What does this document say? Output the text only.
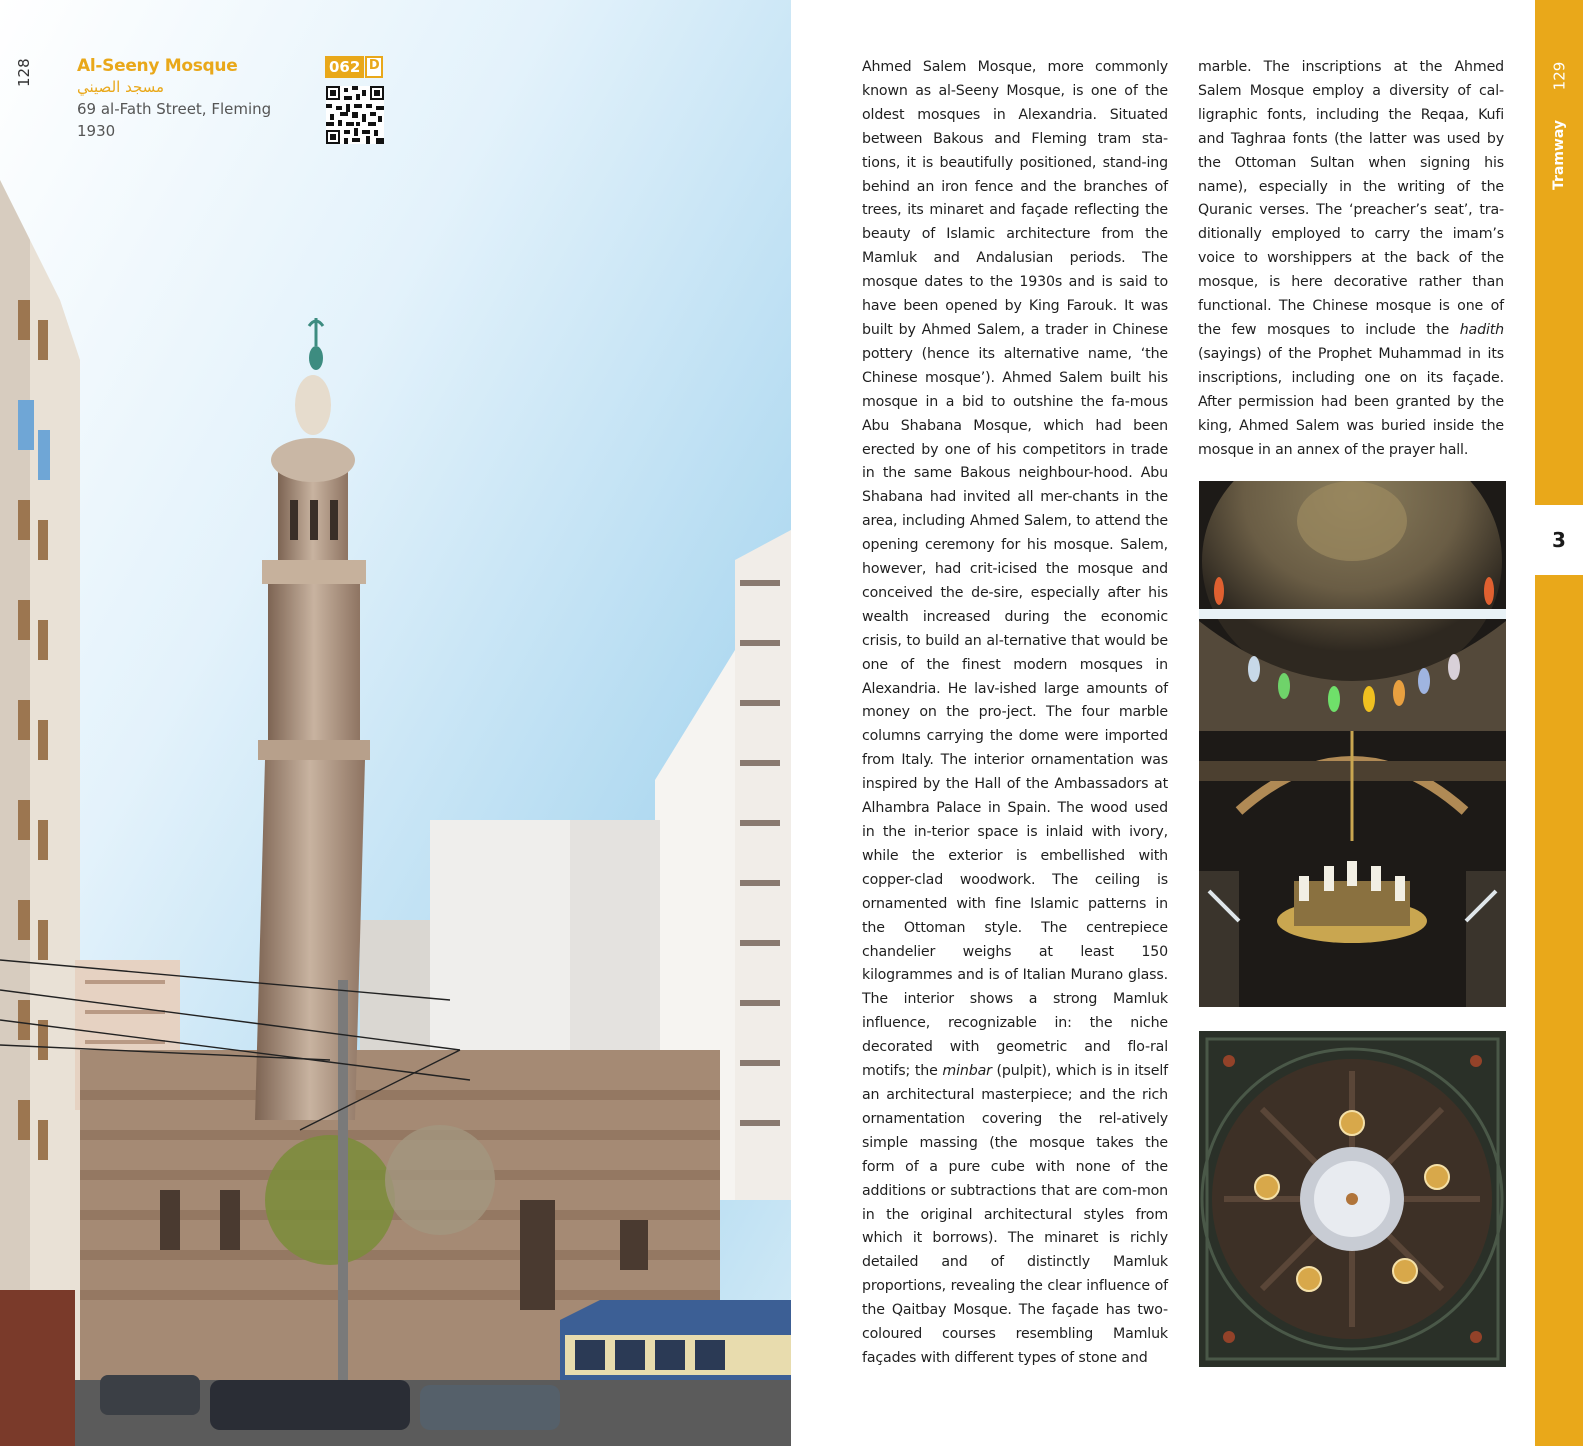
128	Al-Seeny Mosque
مسجد الصيني
69 al-Fath Street, Fleming
1930
062 D	Ahmed Salem Mosque, more commonly known as al-Seeny Mosque, is one of the oldest mosques in Alexandria. Situated between Bakous and Fleming tram sta-tions, it is beautifully positioned, stand-ing behind an iron fence and the branches of trees, its minaret and façade reflecting the beauty of Islamic architecture from the Mamluk and Andalusian periods. The mosque dates to the 1930s and is said to have been opened by King Farouk. It was built by Ahmed Salem, a trader in Chinese pottery (hence its alternative name, ‘the Chinese mosque’). Ahmed Salem built his mosque in a bid to outshine the fa-mous Abu Shabana Mosque, which had been erected by one of his competitors in trade in the same Bakous neighbour-hood. Abu Shabana had invited all mer-chants in the area, including Ahmed Salem, to attend the opening ceremony for his mosque. Salem, however, had crit-icised the mosque and conceived the de-sire, especially after his wealth increased during the economic crisis, to build an al-ternative that would be one of the finest modern mosques in Alexandria. He lav-ished large amounts of money on the pro-ject. The four marble columns carrying the dome were imported from Italy. The interior ornamentation was inspired by the Hall of the Ambassadors at Alhambra Palace in Spain. The wood used in the in-terior space is inlaid with ivory, while the exterior is embellished with copper-clad woodwork. The ceiling is ornamented with fine Islamic patterns in the Ottoman style. The centrepiece chandelier weighs at least 150 kilogrammes and is of Italian Murano glass. The interior shows a strong Mamluk influence, recognizable in: the niche decorated with geometric and flo-ral motifs; the minbar (pulpit), which is in itself an architectural masterpiece; and the rich ornamentation covering the rel-atively simple massing (the mosque takes the form of a pure cube with none of the additions or subtractions that are com-mon in the original architectural styles from which it borrows). The minaret is richly detailed and of distinctly Mamluk proportions, revealing the clear influence of the Qaitbay Mosque. The façade has two-coloured courses resembling Mamluk façades with different types of stone and
marble. The inscriptions at the Ahmed Salem Mosque employ a diversity of cal-ligraphic fonts, including the Reqaa, Kufi and Taghraa fonts (the latter was used by the Ottoman Sultan when signing his name), especially in the writing of the Quranic verses. The ‘preacher’s seat’, tra-ditionally employed to carry the imam’s voice to worshippers at the back of the mosque, is here decorative rather than functional. The Chinese mosque is one of the few mosques to include the hadith (sayings) of the Prophet Muhammad in its inscriptions, including one on its façade. After permission had been granted by the king, Ahmed Salem was buried inside the mosque in an annex of the prayer hall.
129
Tramway
3
